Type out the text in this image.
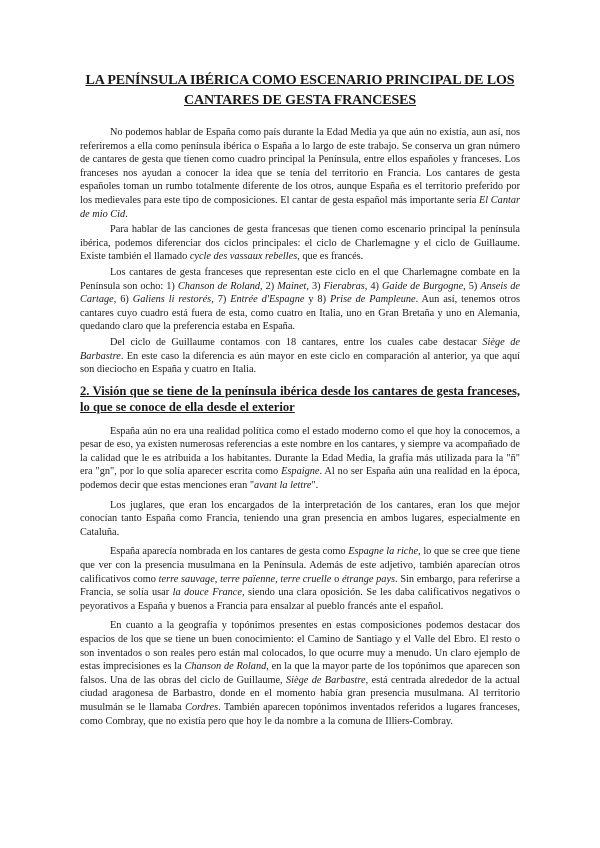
LA PENÍNSULA IBÉRICA COMO ESCENARIO PRINCIPAL DE LOS CANTARES DE GESTA FRANCESES

No podemos hablar de España como país durante la Edad Media ya que aún no existía, aun así, nos referiremos a ella como península ibérica o España a lo largo de este trabajo. Se conserva un gran número de cantares de gesta que tienen como cuadro principal la Península, entre ellos españoles y franceses. Los franceses nos ayudan a conocer la idea que se tenía del territorio en Francia. Los cantares de gesta españoles toman un rumbo totalmente diferente de los otros, aunque España es el territorio preferido por los medievales para este tipo de composiciones. El cantar de gesta español más importante sería El Cantar de mio Cid.

Para hablar de las canciones de gesta francesas que tienen como escenario principal la península ibérica, podemos diferenciar dos ciclos principales: el ciclo de Charlemagne y el ciclo de Guillaume. Existe también el llamado cycle des vassaux rebelles, que es francés.

Los cantares de gesta franceses que representan este ciclo en el que Charlemagne combate en la Península son ocho: 1) Chanson de Roland, 2) Mainet, 3) Fierabras, 4) Gaide de Burgogne, 5) Anseis de Cartage, 6) Galiens li restorés, 7) Entrée d'Espagne y 8) Prise de Pampleune. Aun así, tenemos otros cantares cuyo cuadro está fuera de esta, como cuatro en Italia, uno en Gran Bretaña y uno en Alemania, quedando claro que la preferencia estaba en España.

Del ciclo de Guillaume contamos con 18 cantares, entre los cuales cabe destacar Siège de Barbastre. En este caso la diferencia es aún mayor en este ciclo en comparación al anterior, ya que aquí son dieciocho en España y cuatro en Italia.

2. Visión que se tiene de la península ibérica desde los cantares de gesta franceses, lo que se conoce de ella desde el exterior

España aún no era una realidad política como el estado moderno como el que hoy la conocemos, a pesar de eso, ya existen numerosas referencias a este nombre en los cantares, y siempre va acompañado de la calidad que le es atribuida a los habitantes. Durante la Edad Media, la grafía más utilizada para la "ñ" era "gn", por lo que solía aparecer escrita como Espaigne. Al no ser España aún una realidad en la época, podemos decir que estas menciones eran "avant la lettre".

Los juglares, que eran los encargados de la interpretación de los cantares, eran los que mejor conocían tanto España como Francia, teniendo una gran presencia en ambos lugares, especialmente en Cataluña.

España aparecía nombrada en los cantares de gesta como Espagne la riche, lo que se cree que tiene que ver con la presencia musulmana en la Península. Además de este adjetivo, también aparecían otros calificativos como terre sauvage, terre païenne, terre cruelle o étrange pays. Sin embargo, para referirse a Francia, se solía usar la douce France, siendo una clara oposición. Se les daba calificativos negativos o peyorativos a España y buenos a Francia para ensalzar al pueblo francés ante el español.

En cuanto a la geografía y topónimos presentes en estas composiciones podemos destacar dos espacios de los que se tiene un buen conocimiento: el Camino de Santiago y el Valle del Ebro. El resto o son inventados o son reales pero están mal colocados, lo que ocurre muy a menudo. Un claro ejemplo de estas imprecisiones es la Chanson de Roland, en la que la mayor parte de los topónimos que aparecen son falsos. Una de las obras del ciclo de Guillaume, Siège de Barbastre, está centrada alrededor de la actual ciudad aragonesa de Barbastro, donde en el momento había gran presencia musulmana. Al territorio musulmán se le llamaba Cordres. También aparecen topónimos inventados referidos a lugares franceses, como Combray, que no existía pero que hoy le da nombre a la comuna de Illiers-Combray.
